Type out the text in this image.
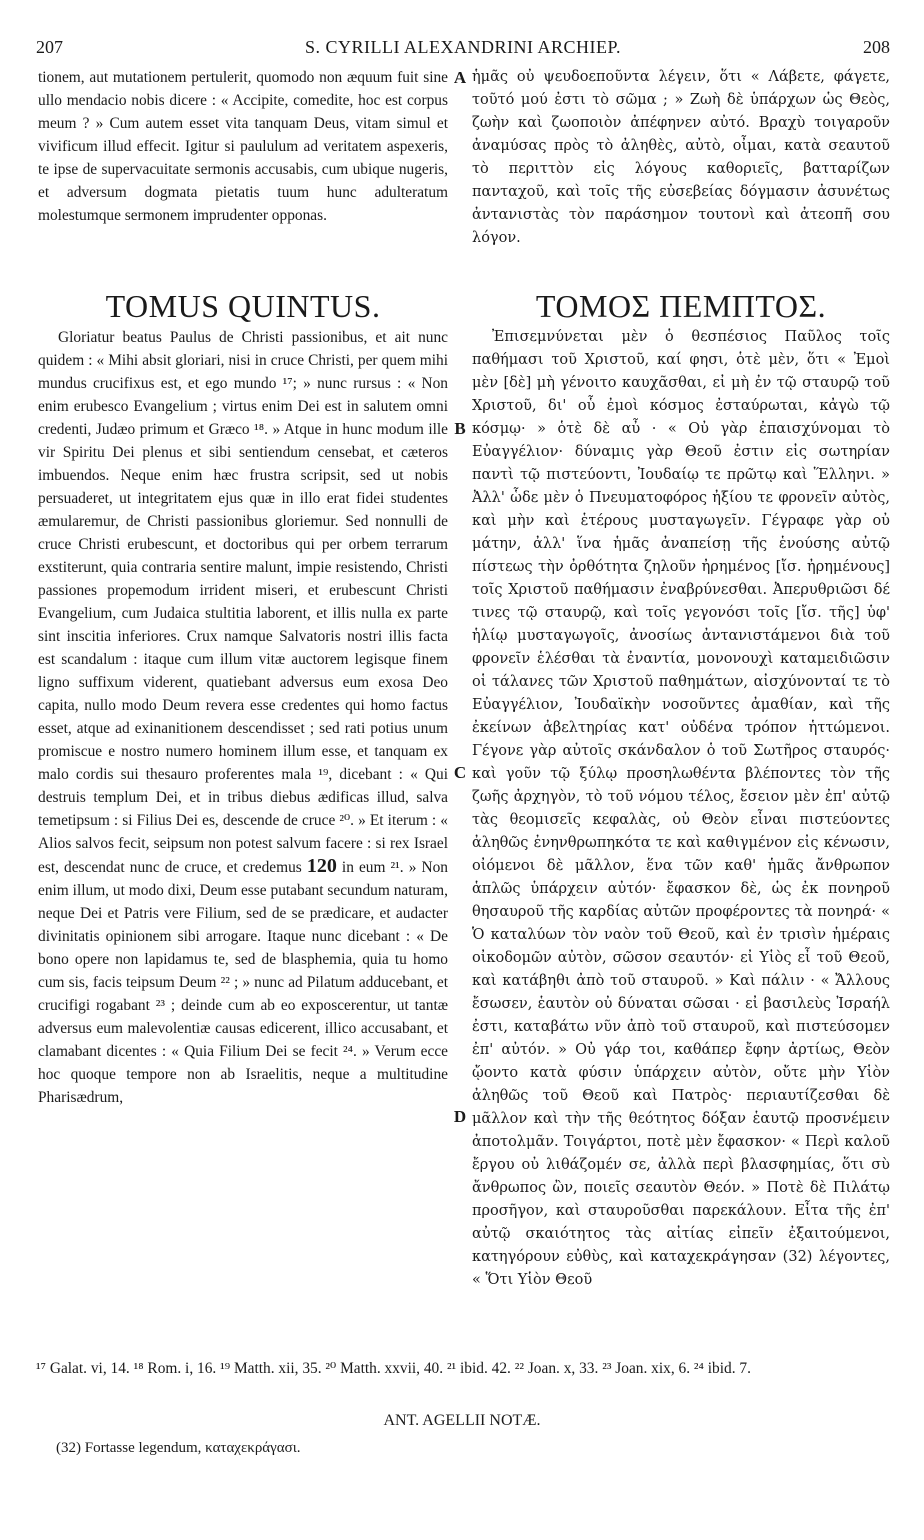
207	S. CYRILLI ALEXANDRINI ARCHIEP.	208

tionem, aut mutationem pertulerit, quomodo non æquum fuit sine ullo mendacio nobis dicere : « Accipite, comedite, hoc est corpus meum ? » Cum autem esset vita tanquam Deus, vitam simul et vivificum illud effecit. Igitur si paululum ad veritatem aspexeris, te ipse de supervacuitate sermonis accusabis, cum ubique nugeris, et adversum dogmata pietatis tuum hunc adulteratum molestumque sermonem imprudenter opponas.

ἡμᾶς οὐ ψευδοεποῦντα λέγειν, ὅτι « Λάβετε, φάγετε, τοῦτό μού ἐστι τὸ σῶμα ; » Ζωὴ δὲ ὑπάρχων ὡς Θεὸς, ζωὴν καὶ ζωοποιὸν ἀπέφηνεν αὐτό. Βραχὺ τοιγαροῦν ἀναμύσας πρὸς τὸ ἀληθὲς, αὐτὸ, οἶμαι, κατὰ σεαυτοῦ τὸ περιττὸν εἰς λόγους καθοριεῖς, βατταρίζων πανταχοῦ, καὶ τοῖς τῆς εὐσεβείας δόγμασιν ἀσυνέτως ἀντανιστὰς τὸν παράσημον τουτονὶ καὶ ἀτεοπῆ σου λόγον.

TOMUS QUINTUS.	ΤΟΜΟΣ ΠΕΜΠΤΟΣ.

Gloriatur beatus Paulus de Christi passionibus, et ait nunc quidem : « Mihi absit gloriari, nisi in cruce Christi, per quem mihi mundus crucifixus est, et ego mundo ¹⁷; » nunc rursus : « Non enim erubesco Evangelium ; virtus enim Dei est in salutem omni credenti, Judæo primum et Græco ¹⁸. » Atque in hunc modum ille vir Spiritu Dei plenus et sibi sentiendum censebat, et cæteros imbuendos. Neque enim hæc frustra scripsit, sed ut nobis persuaderet, ut integritatem ejus quæ in illo erat fidei studentes æmularemur, de Christi passionibus gloriemur. Sed nonnulli de cruce Christi erubescunt, et doctoribus qui per orbem terrarum exstiterunt, quia contraria sentire malunt, impie resistendo, Christi passiones propemodum irrident miseri, et erubescunt Christi Evangelium, cum Judaica stultitia laborent, et illis nulla ex parte sint inscitia inferiores. Crux namque Salvatoris nostri illis facta est scandalum : itaque cum illum vitæ auctorem legisque finem ligno suffixum viderent, quatiebant adversus eum exosa Deo capita, nullo modo Deum revera esse credentes qui homo factus esset, atque ad exinanitionem descendisset ; sed rati potius unum promiscue e nostro numero hominem illum esse, et tanquam ex malo cordis sui thesauro proferentes mala ¹⁹, dicebant : « Qui destruis templum Dei, et in tribus diebus ædificas illud, salva temetipsum : si Filius Dei es, descende de cruce ²⁰. » Et iterum : « Alios salvos fecit, seipsum non potest salvum facere : si rex Israel est, descendat nunc de cruce, et credemus 120 in eum ²¹. » Non enim illum, ut modo dixi, Deum esse putabant secundum naturam, neque Dei et Patris vere Filium, sed de se prædicare, et audacter divinitatis opinionem sibi arrogare. Itaque nunc dicebant : « De bono opere non lapidamus te, sed de blasphemia, quia tu homo cum sis, facis teipsum Deum ²² ; » nunc ad Pilatum adducebant, et crucifigi rogabant ²³ ; deinde cum ab eo exposcerentur, ut tantæ adversus eum malevolentiæ causas edicerent, illico accusabant, et clamabant dicentes : « Quia Filium Dei se fecit ²⁴. » Verum ecce hoc quoque tempore non ab Israelitis, neque a multitudine Pharisædrum,

Ἐπισεμνύνεται μὲν ὁ θεσπέσιος Παῦλος τοῖς παθήμασι τοῦ Χριστοῦ, καί φησι, ὁτὲ μὲν, ὅτι « Ἐμοὶ μὲν [δὲ] μὴ γένοιτο καυχᾶσθαι, εἰ μὴ ἐν τῷ σταυρῷ τοῦ Χριστοῦ, δι' οὗ ἐμοὶ κόσμος ἐσταύρωται, κἀγὼ τῷ κόσμῳ· » ὁτὲ δὲ αὖ · « Οὐ γὰρ ἐπαισχύνομαι τὸ Εὐαγγέλιον· δύναμις γὰρ Θεοῦ ἐστιν εἰς σωτηρίαν παντὶ τῷ πιστεύοντι, Ἰουδαίῳ τε πρῶτῳ καὶ Ἕλληνι. » Ἀλλ' ὧδε μὲν ὁ Πνευματοφόρος ἠξίου τε φρονεῖν αὐτὸς, καὶ μὴν καὶ ἑτέρους μυσταγωγεῖν. Γέγραφε γὰρ οὐ μάτην, ἀλλ' ἵνα ἡμᾶς ἀναπείσῃ τῆς ἑνούσης αὐτῷ πίστεως τὴν ὀρθότητα ζηλοῦν ἠρημένος [ἴσ. ἠρημένους] τοῖς Χριστοῦ παθήμασιν ἐναβρύνεσθαι. Ἀπερυθριῶσι δέ τινες τῷ σταυρῷ, καὶ τοῖς γεγονόσι τοῖς [ἴσ. τῆς] ὑφ' ἡλίῳ μυσταγωγοῖς, ἀνοσίως ἀντανιστάμενοι διὰ τοῦ φρονεῖν ἑλέσθαι τὰ ἐναντία, μονονουχὶ καταμειδιῶσιν οἱ τάλανες τῶν Χριστοῦ παθημάτων, αἰσχύνονταί τε τὸ Εὐαγγέλιον, Ἰουδαϊκὴν νοσοῦντες ἀμαθίαν, καὶ τῆς ἐκείνων ἀβελτηρίας κατ' οὐδένα τρόπον ἡττώμενοι. Γέγονε γὰρ αὐτοῖς σκάνδαλον ὁ τοῦ Σωτῆρος σταυρός· καὶ γοῦν τῷ ξύλῳ προσηλωθέντα βλέποντες τὸν τῆς ζωῆς ἀρχηγὸν, τὸ τοῦ νόμου τέλος, ἔσειον μὲν ἐπ' αὐτῷ τὰς θεομισεῖς κεφαλὰς, οὐ Θεὸν εἶναι πιστεύοντες ἀληθῶς ἐνηνθρωπηκότα τε καὶ καθιγμένον εἰς κένωσιν, οἰόμενοι δὲ μᾶλλον, ἕνα τῶν καθ' ἡμᾶς ἄνθρωπον ἁπλῶς ὑπάρχειν αὐτόν· ἔφασκον δὲ, ὡς ἐκ πονηροῦ θησαυροῦ τῆς καρδίας αὐτῶν προφέροντες τὰ πονηρά· « Ὁ καταλύων τὸν ναὸν τοῦ Θεοῦ, καὶ ἐν τρισὶν ἡμέραις οἰκοδομῶν αὐτὸν, σῶσον σεαυτόν· εἰ Υἱὸς εἶ τοῦ Θεοῦ, καὶ κατάβηθι ἀπὸ τοῦ σταυροῦ. » Καὶ πάλιν · « Ἄλλους ἔσωσεν, ἑαυτὸν οὐ δύναται σῶσαι · εἰ βασιλεὺς Ἰσραήλ ἐστι, καταβάτω νῦν ἀπὸ τοῦ σταυροῦ, καὶ πιστεύσομεν ἐπ' αὐτόν. » Οὐ γάρ τοι, καθάπερ ἔφην ἀρτίως, Θεὸν ᾤοντο κατὰ φύσιν ὑπάρχειν αὐτὸν, οὔτε μὴν Υἱὸν ἀληθῶς τοῦ Θεοῦ καὶ Πατρὸς· περιαυτίζεσθαι δὲ μᾶλλον καὶ τὴν τῆς θεότητος δόξαν ἑαυτῷ προσνέμειν ἀποτολμᾶν. Τοιγάρτοι, ποτὲ μὲν ἔφασκον· « Περὶ καλοῦ ἔργου οὐ λιθάζομέν σε, ἀλλὰ περὶ βλασφημίας, ὅτι σὺ ἄνθρωπος ὢν, ποιεῖς σεαυτὸν Θεόν. » Ποτὲ δὲ Πιλάτῳ προσῆγον, καὶ σταυροῦσθαι παρεκάλουν. Εἶτα τῆς ἐπ' αὐτῷ σκαιότητος τὰς αἰτίας εἰπεῖν ἐξαιτούμενοι, κατηγόρουν εὐθὺς, καὶ καταχεκράγησαν (32) λέγοντες, « Ὅτι Υἱὸν Θεοῦ

A
B
C
D
¹⁷ Galat. vi, 14. ¹⁸ Rom. i, 16. ¹⁹ Matth. xii, 35. ²⁰ Matth. xxvii, 40. ²¹ ibid. 42. ²² Joan. x, 33. ²³ Joan. xix, 6. ²⁴ ibid. 7.
ANT. AGELLII NOTÆ.
(32) Fortasse legendum, καταχεκράγασι.
